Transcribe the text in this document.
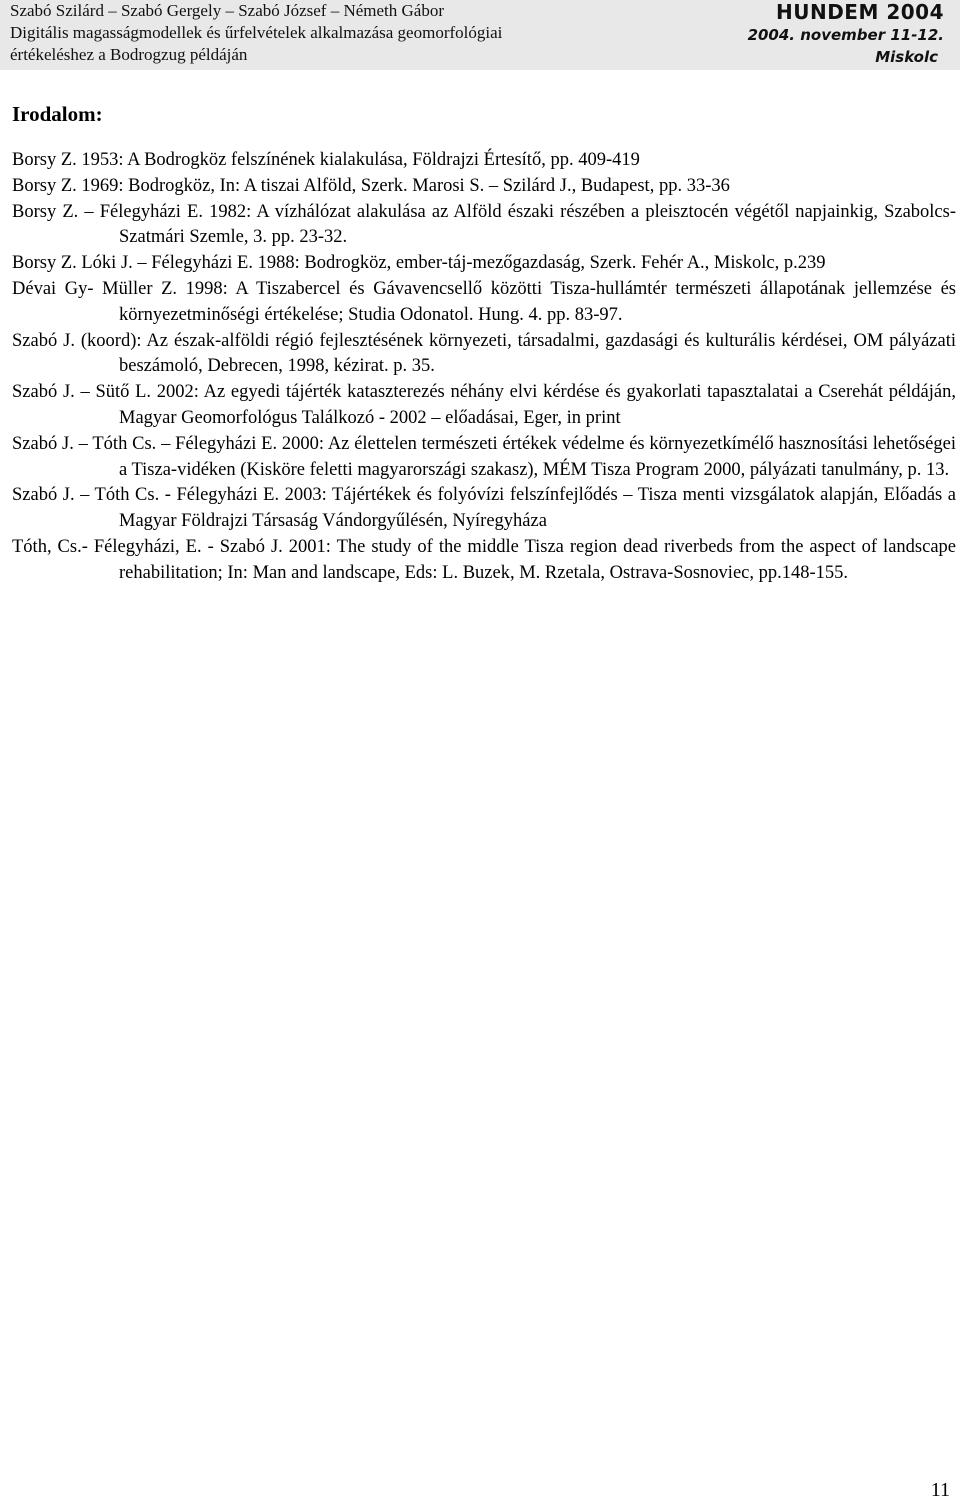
Szabó Szilárd – Szabó Gergely – Szabó József – Németh Gábor
Digitális magasságmodellek és űrfelvételek alkalmazása geomorfológiai
értékeléshez a Bodrogzug példáján
HUNDEM 2004
2004. november 11-12.
Miskolc
Irodalom:
Borsy Z. 1953: A Bodrogköz felszínének kialakulása, Földrajzi Értesítő, pp. 409-419
Borsy Z. 1969: Bodrogköz, In: A tiszai Alföld, Szerk. Marosi S. – Szilárd J., Budapest, pp. 33-36
Borsy Z. – Félegyházi E. 1982: A vízhálózat alakulása az Alföld északi részében a pleisztocén végétől napjainkig, Szabolcs-Szatmári Szemle, 3. pp. 23-32.
Borsy Z. Lóki J. – Félegyházi E. 1988: Bodrogköz, ember-táj-mezőgazdaság, Szerk. Fehér A., Miskolc, p.239
Dévai Gy- Müller Z. 1998: A Tiszabercel és Gávavencsellő közötti Tisza-hullámtér természeti állapotának jellemzése és környezetminőségi értékelése; Studia Odonatol. Hung. 4. pp. 83-97.
Szabó J. (koord): Az észak-alföldi régió fejlesztésének környezeti, társadalmi, gazdasági és kulturális kérdései, OM pályázati beszámoló, Debrecen, 1998, kézirat. p. 35.
Szabó J. – Sütő L. 2002: Az egyedi tájérték kataszterezés néhány elvi kérdése és gyakorlati tapasztalatai a Cserehát példáján, Magyar Geomorfológus Találkozó - 2002 – előadásai, Eger, in print
Szabó J. – Tóth Cs. – Félegyházi E. 2000: Az élettelen természeti értékek védelme és környezetkímélő hasznosítási lehetőségei a Tisza-vidéken (Kisköre feletti magyarországi szakasz), MÉM Tisza Program 2000, pályázati tanulmány, p. 13.
Szabó J. – Tóth Cs. - Félegyházi E. 2003: Tájértékek és folyóvízi felszínfejlődés – Tisza menti vizsgálatok alapján, Előadás a Magyar Földrajzi Társaság Vándorgyűlésén, Nyíregyháza
Tóth, Cs.- Félegyházi, E. - Szabó J. 2001: The study of the middle Tisza region dead riverbeds from the aspect of landscape rehabilitation; In: Man and landscape, Eds: L. Buzek, M. Rzetala, Ostrava-Sosnoviec, pp.148-155.
11
